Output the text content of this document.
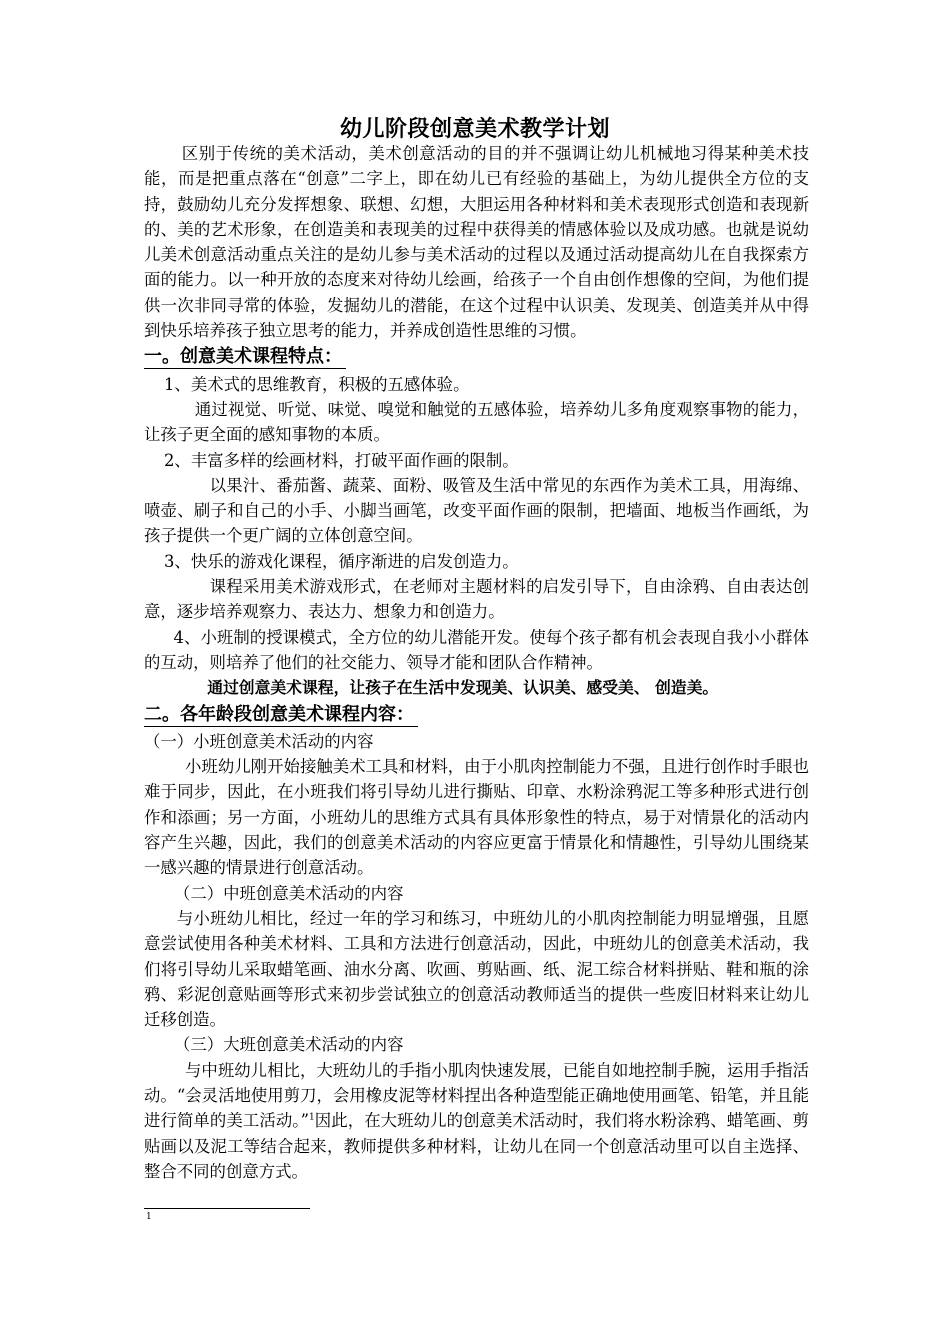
幼儿阶段创意美术教学计划

区别于传统的美术活动，美术创意活动的目的并不强调让幼儿机械地习得某种美术技能，而是把重点落在“创意”二字上，即在幼儿已有经验的基础上，为幼儿提供全方位的支持，鼓励幼儿充分发挥想象、联想、幻想，大胆运用各种材料和美术表现形式创造和表现新的、美的艺术形象，在创造美和表现美的过程中获得美的情感体验以及成功感。也就是说幼儿美术创意活动重点关注的是幼儿参与美术活动的过程以及通过活动提高幼儿在自我探索方面的能力。以一种开放的态度来对待幼儿绘画，给孩子一个自由创作想像的空间，为他们提供一次非同寻常的体验，发掘幼儿的潜能，在这个过程中认识美、发现美、创造美并从中得到快乐培养孩子独立思考的能力，并养成创造性思维的习惯。

一。创意美术课程特点：

1、美术式的思维教育，积极的五感体验。

通过视觉、听觉、味觉、嗅觉和触觉的五感体验，培养幼儿多角度观察事物的能力，让孩子更全面的感知事物的本质。

2、丰富多样的绘画材料，打破平面作画的限制。

以果汁、番茄酱、蔬菜、面粉、吸管及生活中常见的东西作为美术工具，用海绵、喷壶、刷子和自己的小手、小脚当画笔，改变平面作画的限制，把墙面、地板当作画纸，为孩子提供一个更广阔的立体创意空间。

3、快乐的游戏化课程，循序渐进的启发创造力。

课程采用美术游戏形式，在老师对主题材料的启发引导下，自由涂鸦、自由表达创意，逐步培养观察力、表达力、想象力和创造力。

4、小班制的授课模式，全方位的幼儿潜能开发。使每个孩子都有机会表现自我小小群体的互动，则培养了他们的社交能力、领导才能和团队合作精神。

通过创意美术课程，让孩子在生活中发现美、认识美、感受美、 创造美。

二。各年龄段创意美术课程内容：

（一）小班创意美术活动的内容

小班幼儿刚开始接触美术工具和材料，由于小肌肉控制能力不强，且进行创作时手眼也难于同步，因此，在小班我们将引导幼儿进行撕贴、印章、水粉涂鸦泥工等多种形式进行创作和添画；另一方面，小班幼儿的思维方式具有具体形象性的特点，易于对情景化的活动内容产生兴趣，因此，我们的创意美术活动的内容应更富于情景化和情趣性，引导幼儿围绕某一感兴趣的情景进行创意活动。

（二）中班创意美术活动的内容

与小班幼儿相比，经过一年的学习和练习，中班幼儿的小肌肉控制能力明显增强，且愿意尝试使用各种美术材料、工具和方法进行创意活动，因此，中班幼儿的创意美术活动，我们将引导幼儿采取蜡笔画、油水分离、吹画、剪贴画、纸、泥工综合材料拼贴、鞋和瓶的涂鸦、彩泥创意贴画等形式来初步尝试独立的创意活动教师适当的提供一些废旧材料来让幼儿迁移创造。

（三）大班创意美术活动的内容

与中班幼儿相比，大班幼儿的手指小肌肉快速发展，已能自如地控制手腕，运用手指活动。“会灵活地使用剪刀，会用橡皮泥等材料捏出各种造型能正确地使用画笔、铅笔，并且能进行简单的美工活动。”$^1$因此，在大班幼儿的创意美术活动时，我们将水粉涂鸦、蜡笔画、剪贴画以及泥工等结合起来，教师提供多种材料，让幼儿在同一个创意活动里可以自主选择、整合不同的创意方式。

1
